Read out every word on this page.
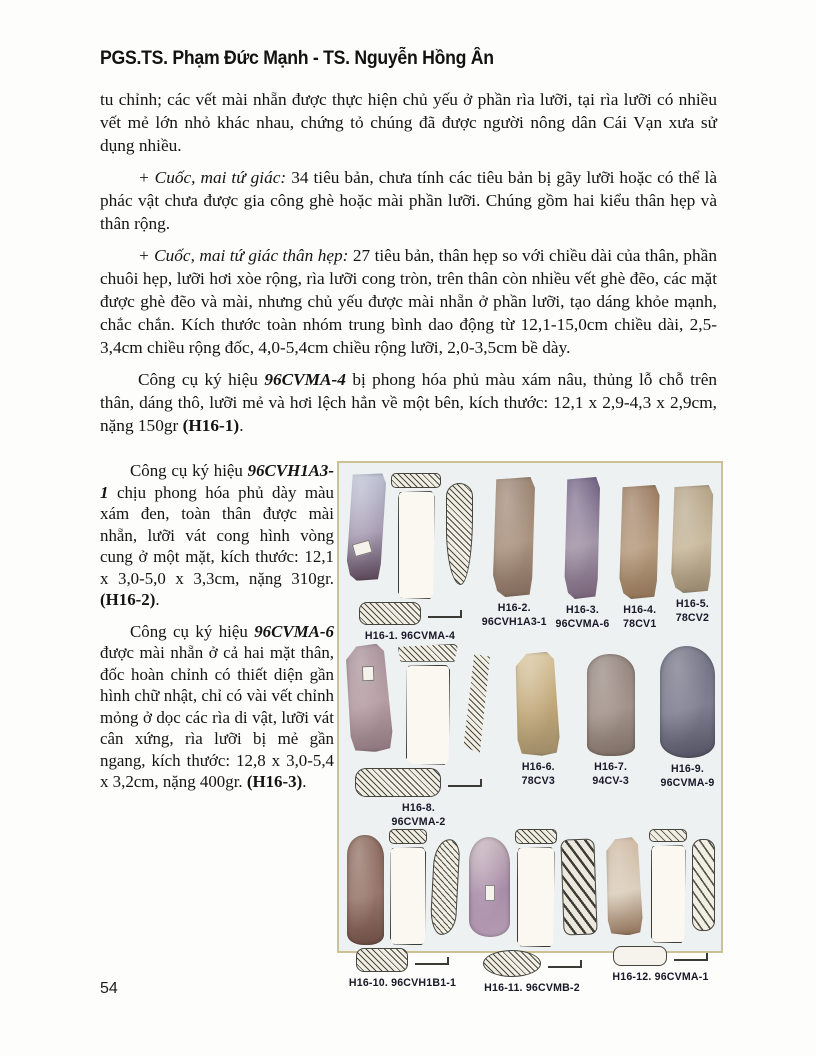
PGS.TS. Phạm Đức Mạnh - TS. Nguyễn Hồng Ân

tu chỉnh; các vết mài nhẵn được thực hiện chủ yếu ở phần rìa lưỡi, tại rìa lưỡi có nhiều vết mẻ lớn nhỏ khác nhau, chứng tỏ chúng đã được người nông dân Cái Vạn xưa sử dụng nhiều.

+ Cuốc, mai tứ giác: 34 tiêu bản, chưa tính các tiêu bản bị gãy lưỡi hoặc có thể là phác vật chưa được gia công ghè hoặc mài phần lưỡi. Chúng gồm hai kiểu thân hẹp và thân rộng.

+ Cuốc, mai tứ giác thân hẹp: 27 tiêu bản, thân hẹp so với chiều dài của thân, phần chuôi hẹp, lưỡi hơi xòe rộng, rìa lưỡi cong tròn, trên thân còn nhiều vết ghè đẽo, các mặt được ghè đẽo và mài, nhưng chủ yếu được mài nhẵn ở phần lưỡi, tạo dáng khỏe mạnh, chắc chắn. Kích thước toàn nhóm trung bình dao động từ 12,1-15,0cm chiều dài, 2,5-3,4cm chiều rộng đốc, 4,0-5,4cm chiều rộng lưỡi, 2,0-3,5cm bề dày.

Công cụ ký hiệu 96CVMA-4 bị phong hóa phủ màu xám nâu, thủng lỗ chỗ trên thân, dáng thô, lưỡi mẻ và hơi lệch hẳn về một bên, kích thước: 12,1 x 2,9-4,3 x 2,9cm, nặng 150gr (H16-1).

Công cụ ký hiệu 96CVH1A3-1 chịu phong hóa phủ dày màu xám đen, toàn thân được mài nhẵn, lưỡi vát cong hình vòng cung ở một mặt, kích thước: 12,1 x 3,0-5,0 x 3,3cm, nặng 310gr. (H16-2).

Công cụ ký hiệu 96CVMA-6 được mài nhẵn ở cả hai mặt thân, đốc hoàn chỉnh có thiết diện gần hình chữ nhật, chỉ có vài vết chỉnh mỏng ở dọc các rìa di vật, lưỡi vát cân xứng, rìa lưỡi bị mẻ gần ngang, kích thước: 12,8 x 3,0-5,4 x 3,2cm, nặng 400gr. (H16-3).

H16-1. 96CVMA-4
H16-2.
96CVH1A3-1
H16-3.
96CVMA-6
H16-4.
78CV1
H16-5.
78CV2
H16-8.
96CVMA-2
H16-6.
78CV3
H16-7.
94CV-3
H16-9.
96CVMA-9
H16-10. 96CVH1B1-1	H16-11. 96CVMB-2
H16-12. 96CVMA-1
54
